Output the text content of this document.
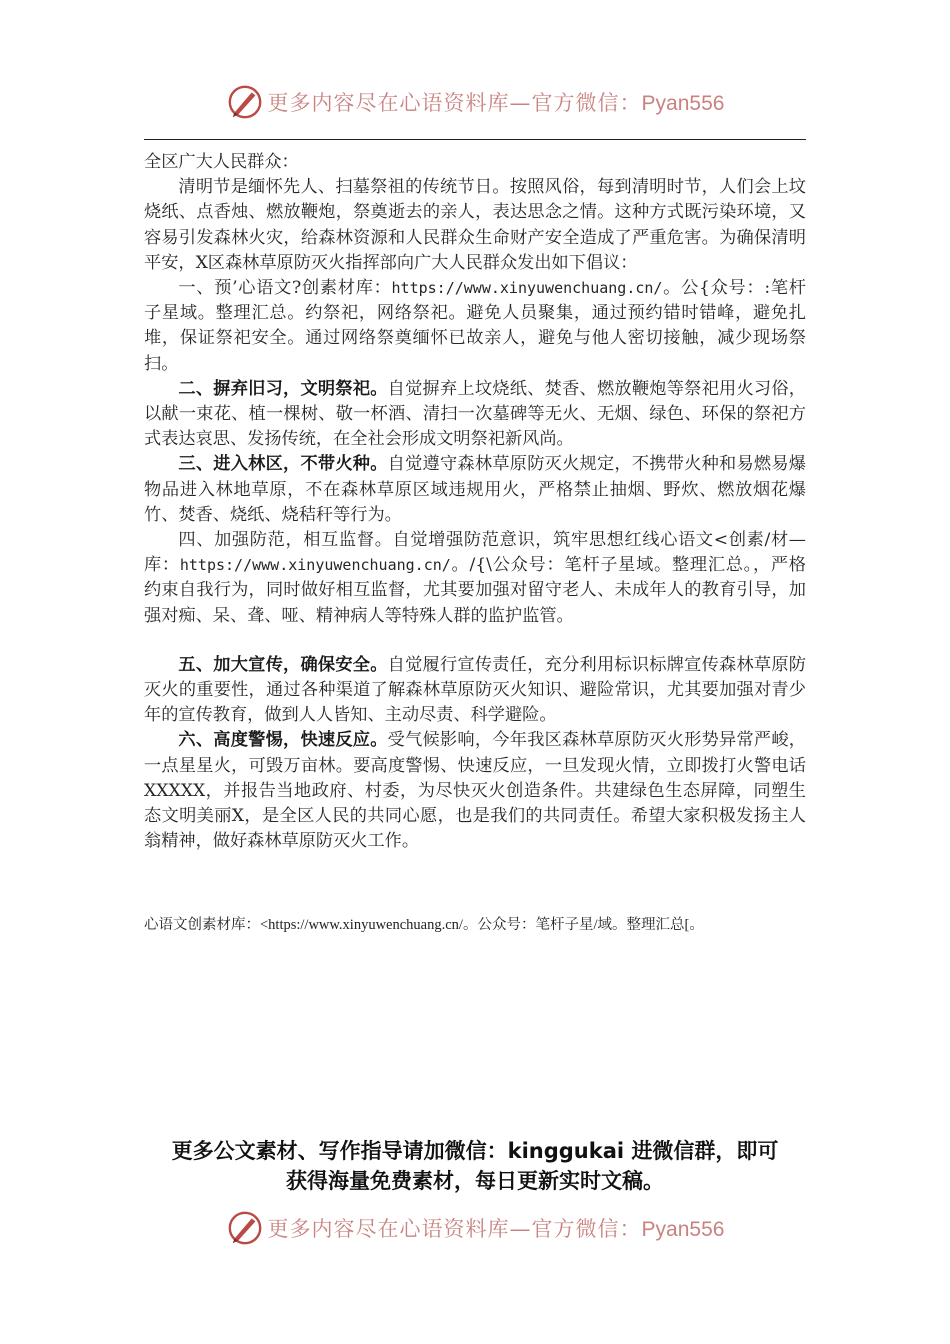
更多内容尽在心语资料库—官方微信：Pyan556

全区广大人民群众：

清明节是缅怀先人、扫墓祭祖的传统节日。按照风俗，每到清明时节，人们会上坟烧纸、点香烛、燃放鞭炮，祭奠逝去的亲人，表达思念之情。这种方式既污染环境，又容易引发森林火灾，给森林资源和人民群众生命财产安全造成了严重危害。为确保清明平安，X区森林草原防灭火指挥部向广大人民群众发出如下倡议：

一、预’心语文?创素材库：https://www.xinyuwenchuang.cn/。公{众号：:笔杆子星域。整理汇总。约祭祀，网络祭祀。避免人员聚集，通过预约错时错峰，避免扎堆，保证祭祀安全。通过网络祭奠缅怀已故亲人，避免与他人密切接触，减少现场祭扫。

二、摒弃旧习，文明祭祀。自觉摒弃上坟烧纸、焚香、燃放鞭炮等祭祀用火习俗，以献一束花、植一棵树、敬一杯酒、清扫一次墓碑等无火、无烟、绿色、环保的祭祀方式表达哀思、发扬传统，在全社会形成文明祭祀新风尚。

三、进入林区，不带火种。自觉遵守森林草原防灭火规定，不携带火种和易燃易爆物品进入林地草原，不在森林草原区域违规用火，严格禁止抽烟、野炊、燃放烟花爆竹、焚香、烧纸、烧秸秆等行为。

四、加强防范，相互监督。自觉增强防范意识，筑牢思想红线心语文<创素/材—库：https://www.xinyuwenchuang.cn/。/{\公众号：笔杆子星域。整理汇总。，严格约束自我行为，同时做好相互监督，尤其要加强对留守老人、未成年人的教育引导，加强对痴、呆、聋、哑、精神病人等特殊人群的监护监管。

五、加大宣传，确保安全。自觉履行宣传责任，充分利用标识标牌宣传森林草原防灭火的重要性，通过各种渠道了解森林草原防灭火知识、避险常识，尤其要加强对青少年的宣传教育，做到人人皆知、主动尽责、科学避险。

六、高度警惕，快速反应。受气候影响，今年我区森林草原防灭火形势异常严峻，一点星星火，可毁万亩林。要高度警惕、快速反应，一旦发现火情，立即拨打火警电话XXXXX，并报告当地政府、村委，为尽快灭火创造条件。共建绿色生态屏障，同塑生态文明美丽X，是全区人民的共同心愿，也是我们的共同责任。希望大家积极发扬主人翁精神，做好森林草原防灭火工作。

心语文创素材库：<https://www.xinyuwenchuang.cn/。公众号：笔杆子星/域。整理汇总[。
更多公文素材、写作指导请加微信：kinggukai 进微信群，即可
获得海量免费素材，每日更新实时文稿。
更多内容尽在心语资料库—官方微信：Pyan556
